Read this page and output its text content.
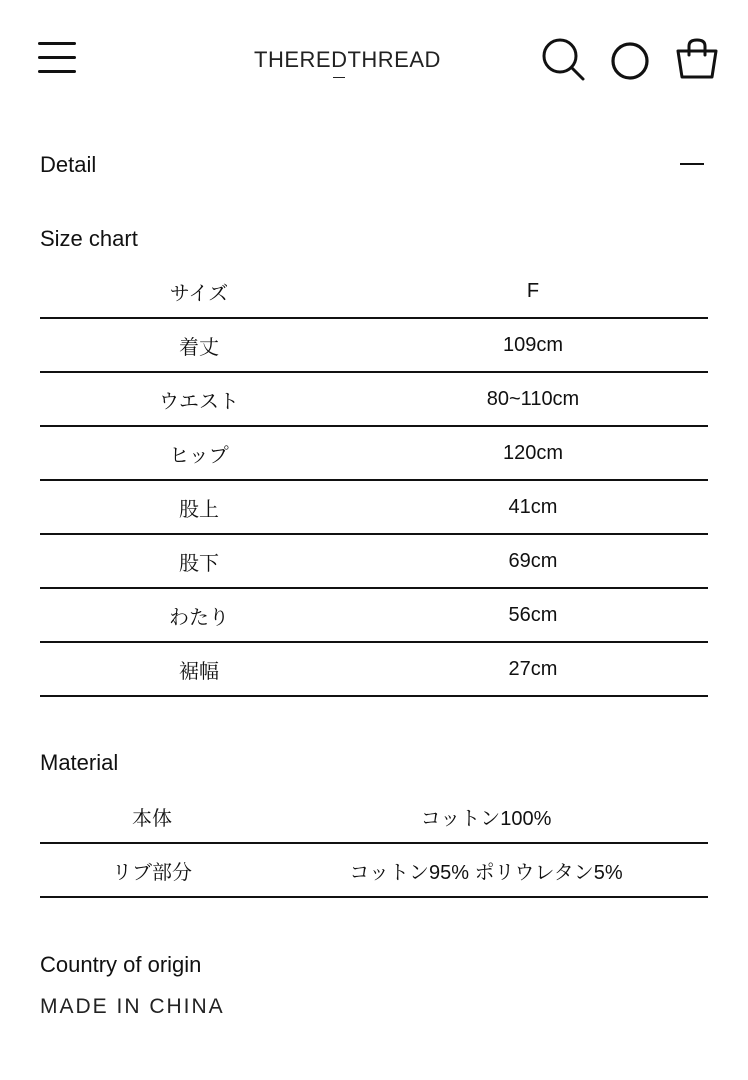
THEREDTHREAD
Detail
Size chart
サイズ	F
着丈	109cm
ウエスト	80~110cm
ヒップ	120cm
股上	41cm
股下	69cm
わたり	56cm
裾幅	27cm
Material
本体	コットン100%
リブ部分	コットン95% ポリウレタン5%
Country of origin
MADE IN CHINA
